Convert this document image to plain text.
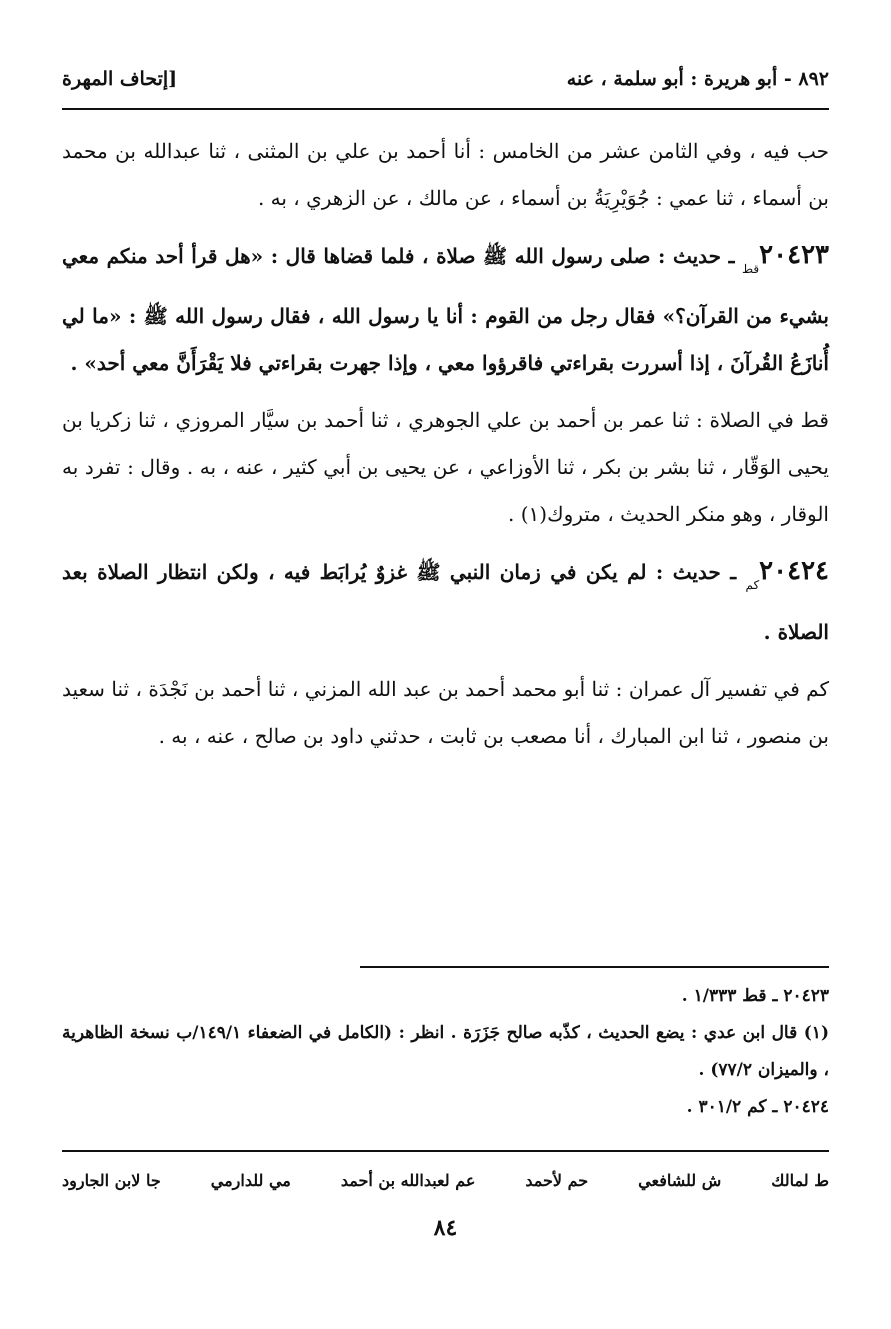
٨٩٢ - أبو هريرة : أبو سلمة ، عنه
[إتحاف المهرة

حب فيه ، وفي الثامن عشر من الخامس : أنا أحمد بن علي بن المثنى ، ثنا عبدالله بن محمد بن أسماء ، ثنا عمي : جُوَيْرِيَةُ بن أسماء ، عن مالك ، عن الزهري ، به .

$٢٠٤٢٣_{قط}$ ـ حديث : صلى رسول الله ﷺ صلاة ، فلما قضاها قال : «هل قرأ أحد منكم معي بشيء من القرآن؟» فقال رجل من القوم : أنا يا رسول الله ، فقال رسول الله ﷺ : «ما لي أُنازَعُ القُرآنَ ، إذا أسررت بقراءتي فاقرؤوا معي ، وإذا جهرت بقراءتي فلا يَقْرَأَنَّ معي أحد» .

قط في الصلاة : ثنا عمر بن أحمد بن علي الجوهري ، ثنا أحمد بن سيَّار المروزي ، ثنا زكريا بن يحيى الوَقّار ، ثنا بشر بن بكر ، ثنا الأوزاعي ، عن يحيى بن أبي كثير ، عنه ، به . وقال : تفرد به الوقار ، وهو منكر الحديث ، متروك(١) .

$٢٠٤٢٤_{كم}$ ـ حديث : لم يكن في زمان النبي ﷺ غزوٌ يُرابَط فيه ، ولكن انتظار الصلاة بعد الصلاة .

كم في تفسير آل عمران : ثنا أبو محمد أحمد بن عبد الله المزني ، ثنا أحمد بن نَجْدَة ، ثنا سعيد بن منصور ، ثنا ابن المبارك ، أنا مصعب بن ثابت ، حدثني داود بن صالح ، عنه ، به .

٢٠٤٢٣ ـ قط ١/٣٣٣ .

(١) قال ابن عدي : يضع الحديث ، كذّبه صالح جَزَرَة . انظر : (الكامل في الضعفاء ١٤٩/١/ب نسخة الظاهرية ، والميزان ٧٧/٢) .

٢٠٤٢٤ ـ كم ٣٠١/٢ .

ط لمالك
ش للشافعي
حم لأحمد
عم لعبدالله بن أحمد
مي للدارمي
جا لابن الجارود
٨٤
